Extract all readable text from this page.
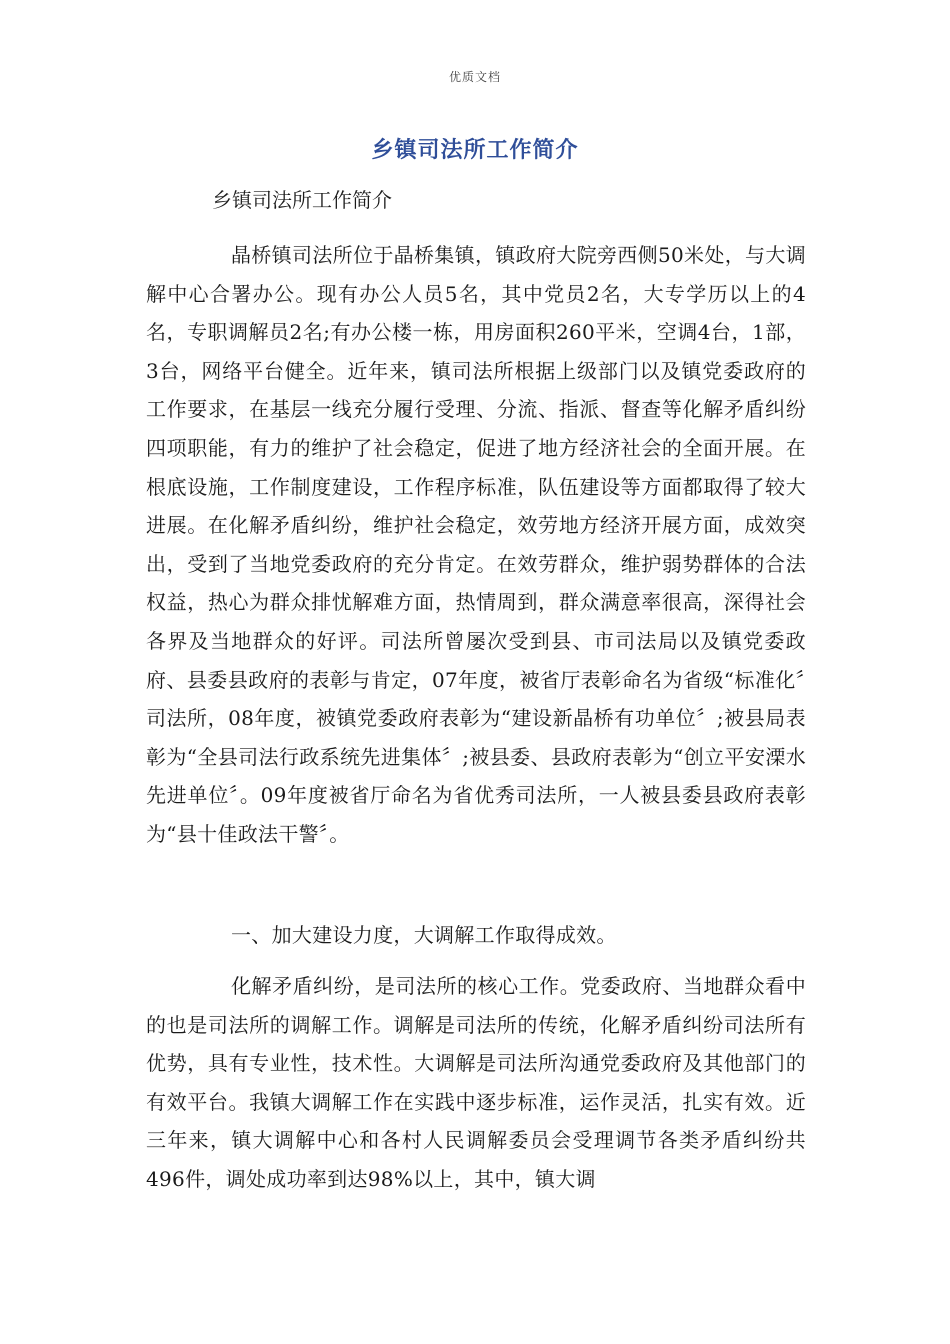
优质文档
乡镇司法所工作简介

乡镇司法所工作简介

晶桥镇司法所位于晶桥集镇，镇政府大院旁西侧50米处，与大调解中心合署办公。现有办公人员5名，其中党员2名，大专学历以上的4名，专职调解员2名;有办公楼一栋，用房面积260平米，空调4台，1部，3台，网络平台健全。近年来，镇司法所根据上级部门以及镇党委政府的工作要求，在基层一线充分履行受理、分流、指派、督查等化解矛盾纠纷四项职能，有力的维护了社会稳定，促进了地方经济社会的全面开展。在根底设施，工作制度建设，工作程序标准，队伍建设等方面都取得了较大进展。在化解矛盾纠纷，维护社会稳定，效劳地方经济开展方面，成效突出，受到了当地党委政府的充分肯定。在效劳群众，维护弱势群体的合法权益，热心为群众排忧解难方面，热情周到，群众满意率很高，深得社会各界及当地群众的好评。司法所曾屡次受到县、市司法局以及镇党委政府、县委县政府的表彰与肯定，07年度，被省厅表彰命名为省级“标准化〞司法所，08年度，被镇党委政府表彰为“建设新晶桥有功单位〞;被县局表彰为“全县司法行政系统先进集体〞;被县委、县政府表彰为“创立平安溧水先进单位〞。09年度被省厅命名为省优秀司法所，一人被县委县政府表彰为“县十佳政法干警〞。

一、加大建设力度，大调解工作取得成效。

化解矛盾纠纷，是司法所的核心工作。党委政府、当地群众看中的也是司法所的调解工作。调解是司法所的传统，化解矛盾纠纷司法所有优势，具有专业性，技术性。大调解是司法所沟通党委政府及其他部门的有效平台。我镇大调解工作在实践中逐步标准，运作灵活，扎实有效。近三年来，镇大调解中心和各村人民调解委员会受理调节各类矛盾纠纷共496件，调处成功率到达98%以上，其中，镇大调
